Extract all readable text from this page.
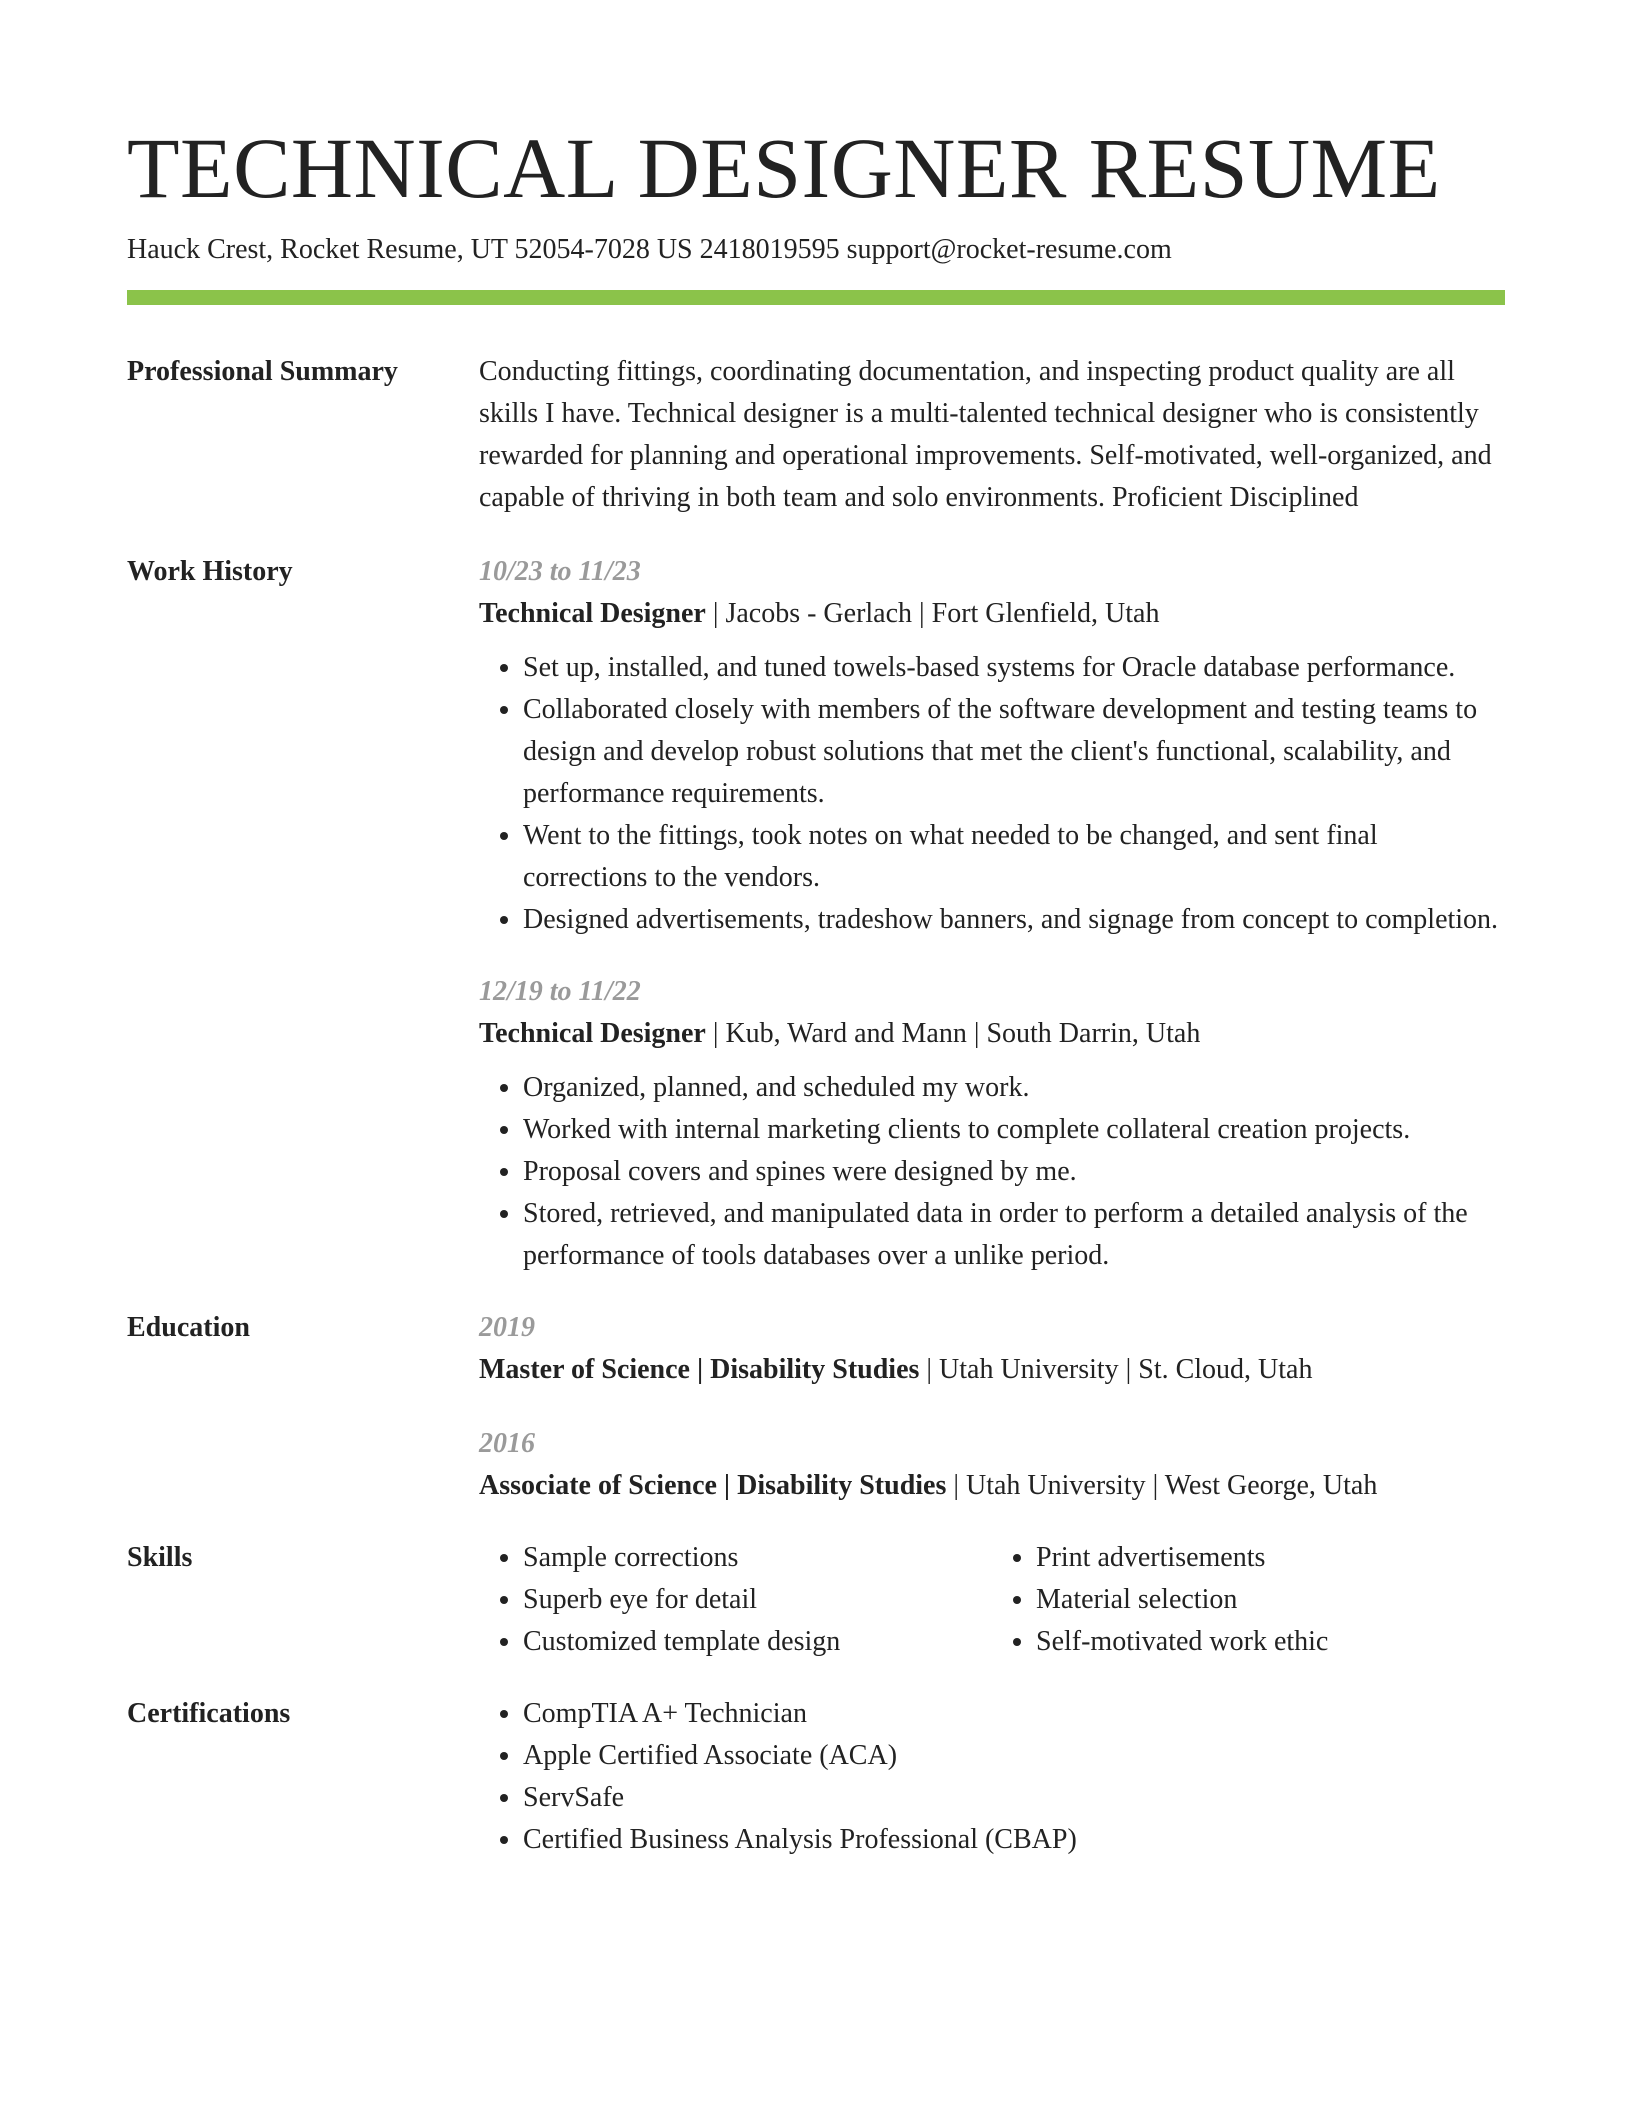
TECHNICAL DESIGNER RESUME
Hauck Crest, Rocket Resume, UT 52054-7028 US 2418019595 support@rocket-resume.com
Professional Summary	Conducting fittings, coordinating documentation, and inspecting product quality are all skills I have. Technical designer is a multi-talented technical designer who is consistently rewarded for planning and operational improvements. Self-motivated, well-organized, and capable of thriving in both team and solo environments. Proficient Disciplined

Work History	10/23 to 11/23
Technical Designer | Jacobs - Gerlach | Fort Glenfield, Utah
• Set up, installed, and tuned towels-based systems for Oracle database performance.
• Collaborated closely with members of the software development and testing teams to design and develop robust solutions that met the client's functional, scalability, and performance requirements.
• Went to the fittings, took notes on what needed to be changed, and sent final corrections to the vendors.
• Designed advertisements, tradeshow banners, and signage from concept to completion.
12/19 to 11/22
Technical Designer | Kub, Ward and Mann | South Darrin, Utah
• Organized, planned, and scheduled my work.
• Worked with internal marketing clients to complete collateral creation projects.
• Proposal covers and spines were designed by me.
• Stored, retrieved, and manipulated data in order to perform a detailed analysis of the performance of tools databases over a unlike period.
Education	2019
Master of Science | Disability Studies | Utah University | St. Cloud, Utah
2016
Associate of Science | Disability Studies | Utah University | West George, Utah
Skills	• Sample corrections
• Superb eye for detail
• Customized template design
• Print advertisements
• Material selection
• Self-motivated work ethic
Certifications	• CompTIA A+ Technician
• Apple Certified Associate (ACA)
• ServSafe
• Certified Business Analysis Professional (CBAP)
